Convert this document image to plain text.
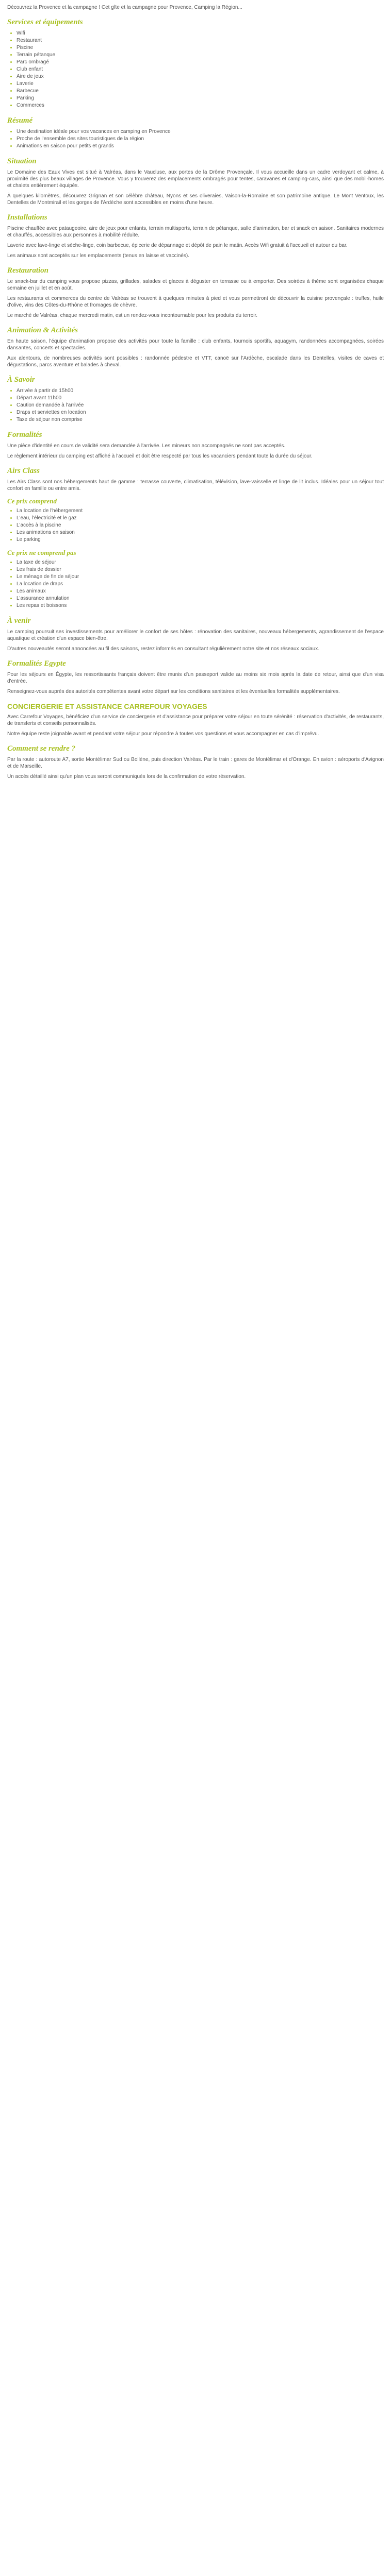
Découvrez la Provence et la campagne ! Cet gîte et la campagne pour Provence, Camping la Région...

Services et équipements
• Wifi
• Restaurant
• Piscine
• Terrain pétanque
• Parc ombragé
• Club enfant
• Aire de jeux
• Laverie
• Barbecue
• Parking
• Commerces
Résumé
• Une destination idéale pour vos vacances en camping en Provence
• Proche de l'ensemble des sites touristiques de la région
• Animations en saison pour petits et grands
Situation

Le Domaine des Eaux Vives est situé à Valréas, dans le Vaucluse, aux portes de la Drôme Provençale. Il vous accueille dans un cadre verdoyant et calme, à proximité des plus beaux villages de Provence. Vous y trouverez des emplacements ombragés pour tentes, caravanes et camping-cars, ainsi que des mobil-homes et chalets entièrement équipés.

À quelques kilomètres, découvrez Grignan et son célèbre château, Nyons et ses oliveraies, Vaison-la-Romaine et son patrimoine antique. Le Mont Ventoux, les Dentelles de Montmirail et les gorges de l'Ardèche sont accessibles en moins d'une heure.

Installations

Piscine chauffée avec pataugeoire, aire de jeux pour enfants, terrain multisports, terrain de pétanque, salle d'animation, bar et snack en saison. Sanitaires modernes et chauffés, accessibles aux personnes à mobilité réduite.

Laverie avec lave-linge et sèche-linge, coin barbecue, épicerie de dépannage et dépôt de pain le matin. Accès Wifi gratuit à l'accueil et autour du bar.

Les animaux sont acceptés sur les emplacements (tenus en laisse et vaccinés).

Restauration

Le snack-bar du camping vous propose pizzas, grillades, salades et glaces à déguster en terrasse ou à emporter. Des soirées à thème sont organisées chaque semaine en juillet et en août.

Les restaurants et commerces du centre de Valréas se trouvent à quelques minutes à pied et vous permettront de découvrir la cuisine provençale : truffes, huile d'olive, vins des Côtes-du-Rhône et fromages de chèvre.

Le marché de Valréas, chaque mercredi matin, est un rendez-vous incontournable pour les produits du terroir.

Animation & Activités

En haute saison, l'équipe d'animation propose des activités pour toute la famille : club enfants, tournois sportifs, aquagym, randonnées accompagnées, soirées dansantes, concerts et spectacles.

Aux alentours, de nombreuses activités sont possibles : randonnée pédestre et VTT, canoë sur l'Ardèche, escalade dans les Dentelles, visites de caves et dégustations, parcs aventure et balades à cheval.

À Savoir
• Arrivée à partir de 15h00
• Départ avant 11h00
• Caution demandée à l'arrivée
• Draps et serviettes en location
• Taxe de séjour non comprise
Formalités

Une pièce d'identité en cours de validité sera demandée à l'arrivée. Les mineurs non accompagnés ne sont pas acceptés.

Le règlement intérieur du camping est affiché à l'accueil et doit être respecté par tous les vacanciers pendant toute la durée du séjour.

Airs Class

Les Airs Class sont nos hébergements haut de gamme : terrasse couverte, climatisation, télévision, lave-vaisselle et linge de lit inclus. Idéales pour un séjour tout confort en famille ou entre amis.

Ce prix comprend
• La location de l'hébergement
• L'eau, l'électricité et le gaz
• L'accès à la piscine
• Les animations en saison
• Le parking
Ce prix ne comprend pas
• La taxe de séjour
• Les frais de dossier
• Le ménage de fin de séjour
• La location de draps
• Les animaux
• L'assurance annulation
• Les repas et boissons
À venir

Le camping poursuit ses investissements pour améliorer le confort de ses hôtes : rénovation des sanitaires, nouveaux hébergements, agrandissement de l'espace aquatique et création d'un espace bien-être.

D'autres nouveautés seront annoncées au fil des saisons, restez informés en consultant régulièrement notre site et nos réseaux sociaux.

Formalités Egypte

Pour les séjours en Égypte, les ressortissants français doivent être munis d'un passeport valide au moins six mois après la date de retour, ainsi que d'un visa d'entrée.

Renseignez-vous auprès des autorités compétentes avant votre départ sur les conditions sanitaires et les éventuelles formalités supplémentaires.

CONCIERGERIE ET ASSISTANCE CARREFOUR VOYAGES

Avec Carrefour Voyages, bénéficiez d'un service de conciergerie et d'assistance pour préparer votre séjour en toute sérénité : réservation d'activités, de restaurants, de transferts et conseils personnalisés.

Notre équipe reste joignable avant et pendant votre séjour pour répondre à toutes vos questions et vous accompagner en cas d'imprévu.

Comment se rendre ?

Par la route : autoroute A7, sortie Montélimar Sud ou Bollène, puis direction Valréas. Par le train : gares de Montélimar et d'Orange. En avion : aéroports d'Avignon et de Marseille.

Un accès détaillé ainsi qu'un plan vous seront communiqués lors de la confirmation de votre réservation.
